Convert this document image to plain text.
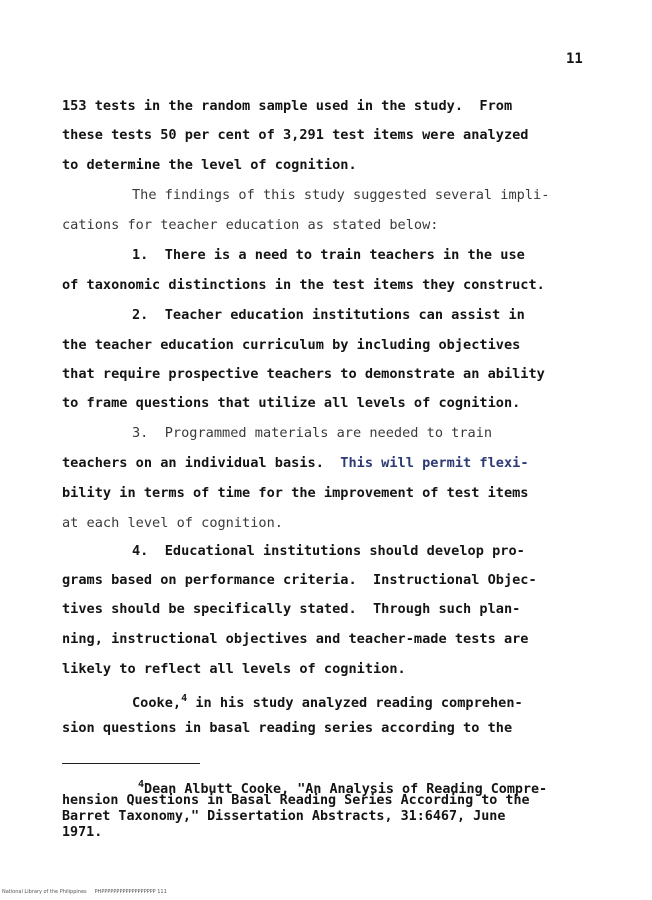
11
153 tests in the random sample used in the study.  From
these tests 50 per cent of 3,291 test items were analyzed
to determine the level of cognition.
The findings of this study suggested several impli-
cations for teacher education as stated below:
1.  There is a need to train teachers in the use
of taxonomic distinctions in the test items they construct.
2.  Teacher education institutions can assist in
the teacher education curriculum by including objectives
that require prospective teachers to demonstrate an ability
to frame questions that utilize all levels of cognition.
3.  Programmed materials are needed to train
teachers on an individual basis.  This will permit flexi-
bility in terms of time for the improvement of test items
at each level of cognition.
4.  Educational institutions should develop pro-
grams based on performance criteria.  Instructional Objec-
tives should be specifically stated.  Through such plan-
ning, instructional objectives and teacher-made tests are
likely to reflect all levels of cognition.
Cooke,$^4$ in his study analyzed reading comprehen-
sion questions in basal reading series according to the
$^4$Dean Albutt Cooke, "An Analysis of Reading Compre-
hension Questions in Basal Reading Series According to the
Barret Taxonomy," Dissertation Abstracts, 31:6467, June
1971.
National Library of the Philippines     PHPPPPPPPPPPPPPPPPPP 111
